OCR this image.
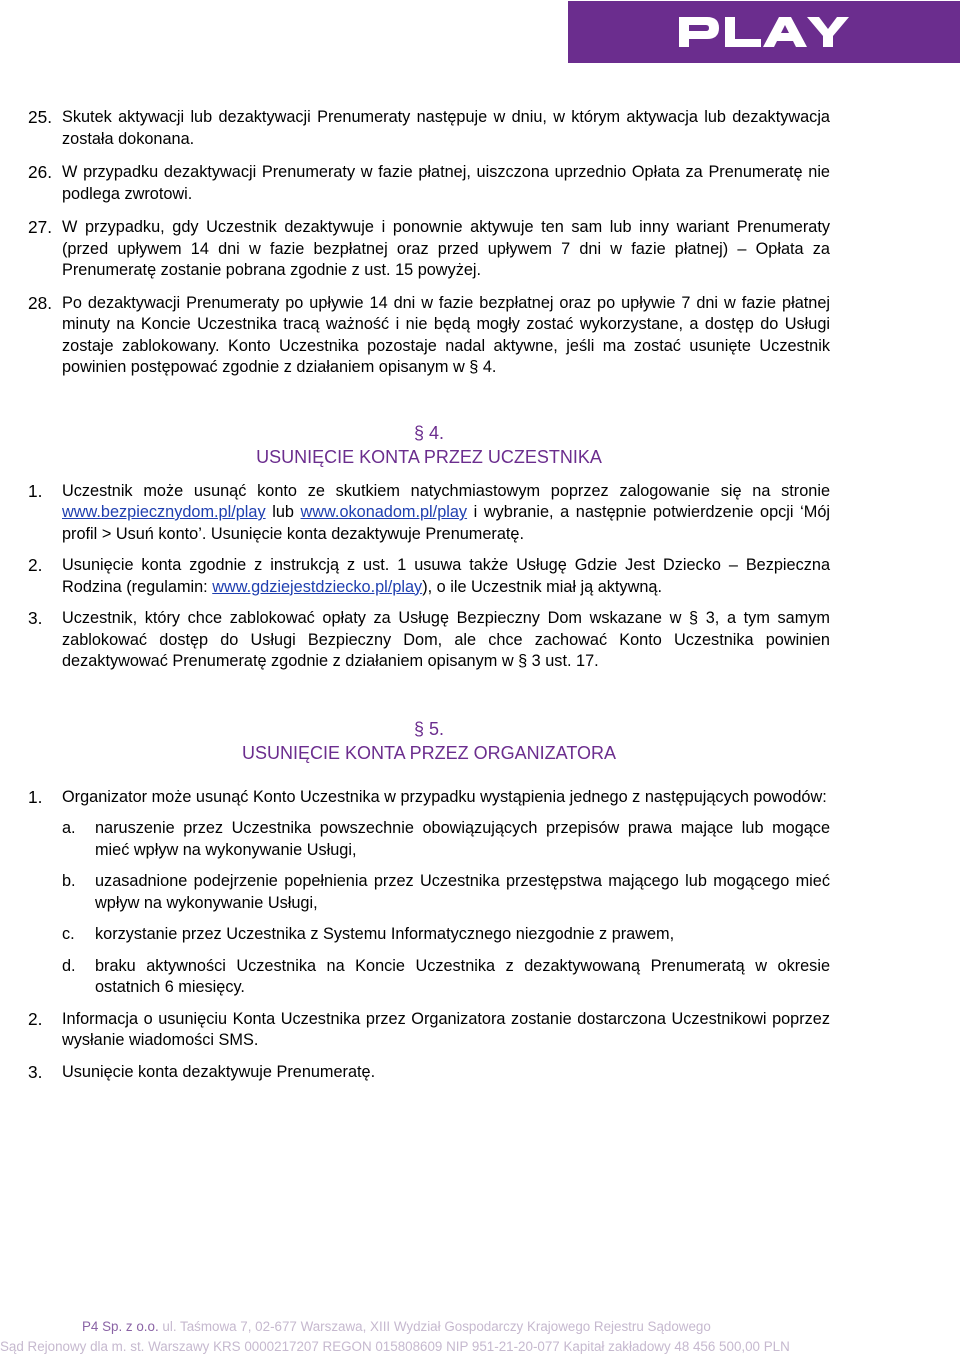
25. Skutek aktywacji lub dezaktywacji Prenumeraty następuje w dniu, w którym aktywacja lub dezaktywacja została dokonana.
26. W przypadku dezaktywacji Prenumeraty w fazie płatnej, uiszczona uprzednio Opłata za Prenumeratę nie podlega zwrotowi.
27. W przypadku, gdy Uczestnik dezaktywuje i ponownie aktywuje ten sam lub inny wariant Prenumeraty (przed upływem 14 dni w fazie bezpłatnej oraz przed upływem 7 dni w fazie płatnej) – Opłata za Prenumeratę zostanie pobrana zgodnie z ust. 15 powyżej.
28. Po dezaktywacji Prenumeraty po upływie 14 dni w fazie bezpłatnej oraz po upływie 7 dni w fazie płatnej minuty na Koncie Uczestnika tracą ważność i nie będą mogły zostać wykorzystane, a dostęp do Usługi zostaje zablokowany. Konto Uczestnika pozostaje nadal aktywne, jeśli ma zostać usunięte Uczestnik powinien postępować zgodnie z działaniem opisanym w § 4.
§ 4.
USUNIĘCIE KONTA PRZEZ UCZESTNIKA
1. Uczestnik może usunąć konto ze skutkiem natychmiastowym poprzez zalogowanie się na stronie www.bezpiecznydom.pl/play lub www.okonadom.pl/play i wybranie, a następnie potwierdzenie opcji ‘Mój profil > Usuń konto’. Usunięcie konta dezaktywuje Prenumeratę.
2. Usunięcie konta zgodnie z instrukcją z ust. 1 usuwa także Usługę Gdzie Jest Dziecko – Bezpieczna Rodzina (regulamin: www.gdziejestdziecko.pl/play), o ile Uczestnik miał ją aktywną.
3. Uczestnik, który chce zablokować opłaty za Usługę Bezpieczny Dom wskazane w § 3, a tym samym zablokować dostęp do Usługi Bezpieczny Dom, ale chce zachować Konto Uczestnika powinien dezaktywować Prenumeratę zgodnie z działaniem opisanym w § 3 ust. 17.
§ 5.
USUNIĘCIE KONTA PRZEZ ORGANIZATORA
1. Organizator może usunąć Konto Uczestnika w przypadku wystąpienia jednego z następujących powodów:
a. naruszenie przez Uczestnika powszechnie obowiązujących przepisów prawa mające lub mogące mieć wpływ na wykonywanie Usługi,
b. uzasadnione podejrzenie popełnienia przez Uczestnika przestępstwa mającego lub mogącego mieć wpływ na wykonywanie Usługi,
c. korzystanie przez Uczestnika z Systemu Informatycznego niezgodnie z prawem,
d. braku aktywności Uczestnika na Koncie Uczestnika z dezaktywowaną Prenumeratą w okresie ostatnich 6 miesięcy.
2. Informacja o usunięciu Konta Uczestnika przez Organizatora zostanie dostarczona Uczestnikowi poprzez wysłanie wiadomości SMS.
3. Usunięcie konta dezaktywuje Prenumeratę.
P4 Sp. z o.o. ul. Taśmowa 7, 02-677 Warszawa, XIII Wydział Gospodarczy Krajowego Rejestru Sądowego
Sąd Rejonowy dla m. st. Warszawy KRS 0000217207 REGON 015808609 NIP 951-21-20-077 Kapitał zakładowy 48 456 500,00 PLN
